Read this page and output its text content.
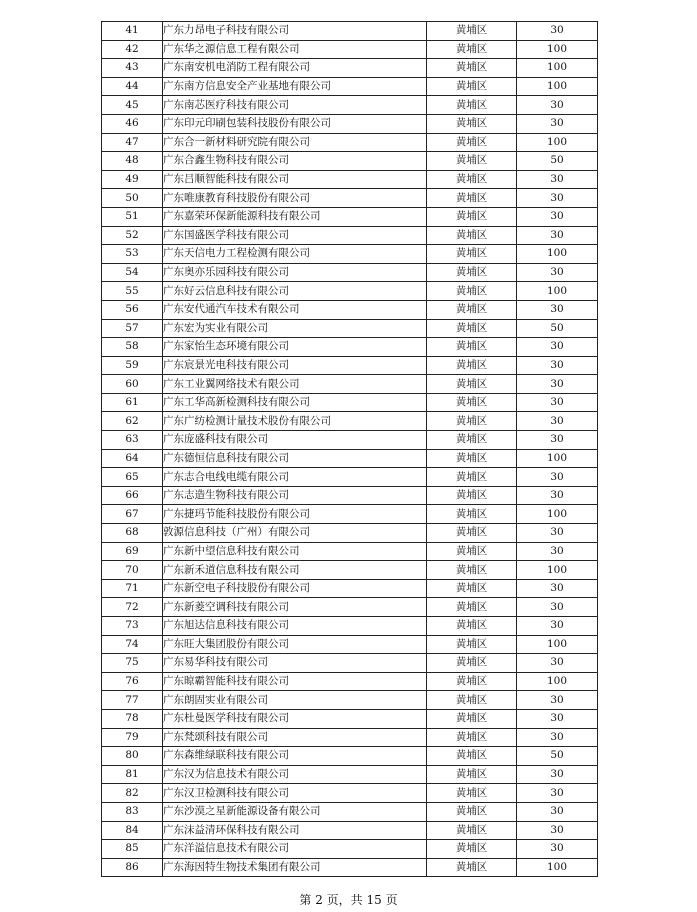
41	广东力昂电子科技有限公司	黄埔区	30
42	广东华之源信息工程有限公司	黄埔区	100
43	广东南安机电消防工程有限公司	黄埔区	100
44	广东南方信息安全产业基地有限公司	黄埔区	100
45	广东南芯医疗科技有限公司	黄埔区	30
46	广东印元印刷包装科技股份有限公司	黄埔区	30
47	广东合一新材料研究院有限公司	黄埔区	100
48	广东合鑫生物科技有限公司	黄埔区	50
49	广东吕顺智能科技有限公司	黄埔区	30
50	广东唯康教育科技股份有限公司	黄埔区	30
51	广东嘉荣环保新能源科技有限公司	黄埔区	30
52	广东国盛医学科技有限公司	黄埔区	30
53	广东天信电力工程检测有限公司	黄埔区	100
54	广东奥亦乐园科技有限公司	黄埔区	30
55	广东好云信息科技有限公司	黄埔区	100
56	广东安代通汽车技术有限公司	黄埔区	30
57	广东宏为实业有限公司	黄埔区	50
58	广东家怡生态环境有限公司	黄埔区	30
59	广东宸景光电科技有限公司	黄埔区	30
60	广东工业翼网络技术有限公司	黄埔区	30
61	广东工华高新检测科技有限公司	黄埔区	30
62	广东广纺检测计量技术股份有限公司	黄埔区	30
63	广东庞盛科技有限公司	黄埔区	30
64	广东德恒信息科技有限公司	黄埔区	100
65	广东志合电线电缆有限公司	黄埔区	30
66	广东志造生物科技有限公司	黄埔区	30
67	广东捷玛节能科技股份有限公司	黄埔区	100
68	敦源信息科技（广州）有限公司	黄埔区	30
69	广东新中望信息科技有限公司	黄埔区	30
70	广东新禾道信息科技有限公司	黄埔区	100
71	广东新空电子科技股份有限公司	黄埔区	30
72	广东新菱空调科技有限公司	黄埔区	30
73	广东旭达信息科技有限公司	黄埔区	30
74	广东旺大集团股份有限公司	黄埔区	100
75	广东易华科技有限公司	黄埔区	30
76	广东晾霸智能科技有限公司	黄埔区	100
77	广东朗固实业有限公司	黄埔区	30
78	广东杜曼医学科技有限公司	黄埔区	30
79	广东梵颂科技有限公司	黄埔区	30
80	广东森维绿联科技有限公司	黄埔区	50
81	广东汉为信息技术有限公司	黄埔区	30
82	广东汉卫检测科技有限公司	黄埔区	30
83	广东沙漠之星新能源设备有限公司	黄埔区	30
84	广东沫益清环保科技有限公司	黄埔区	30
85	广东洋溢信息技术有限公司	黄埔区	30
86	广东海因特生物技术集团有限公司	黄埔区	100
第 2 页，共 15 页
